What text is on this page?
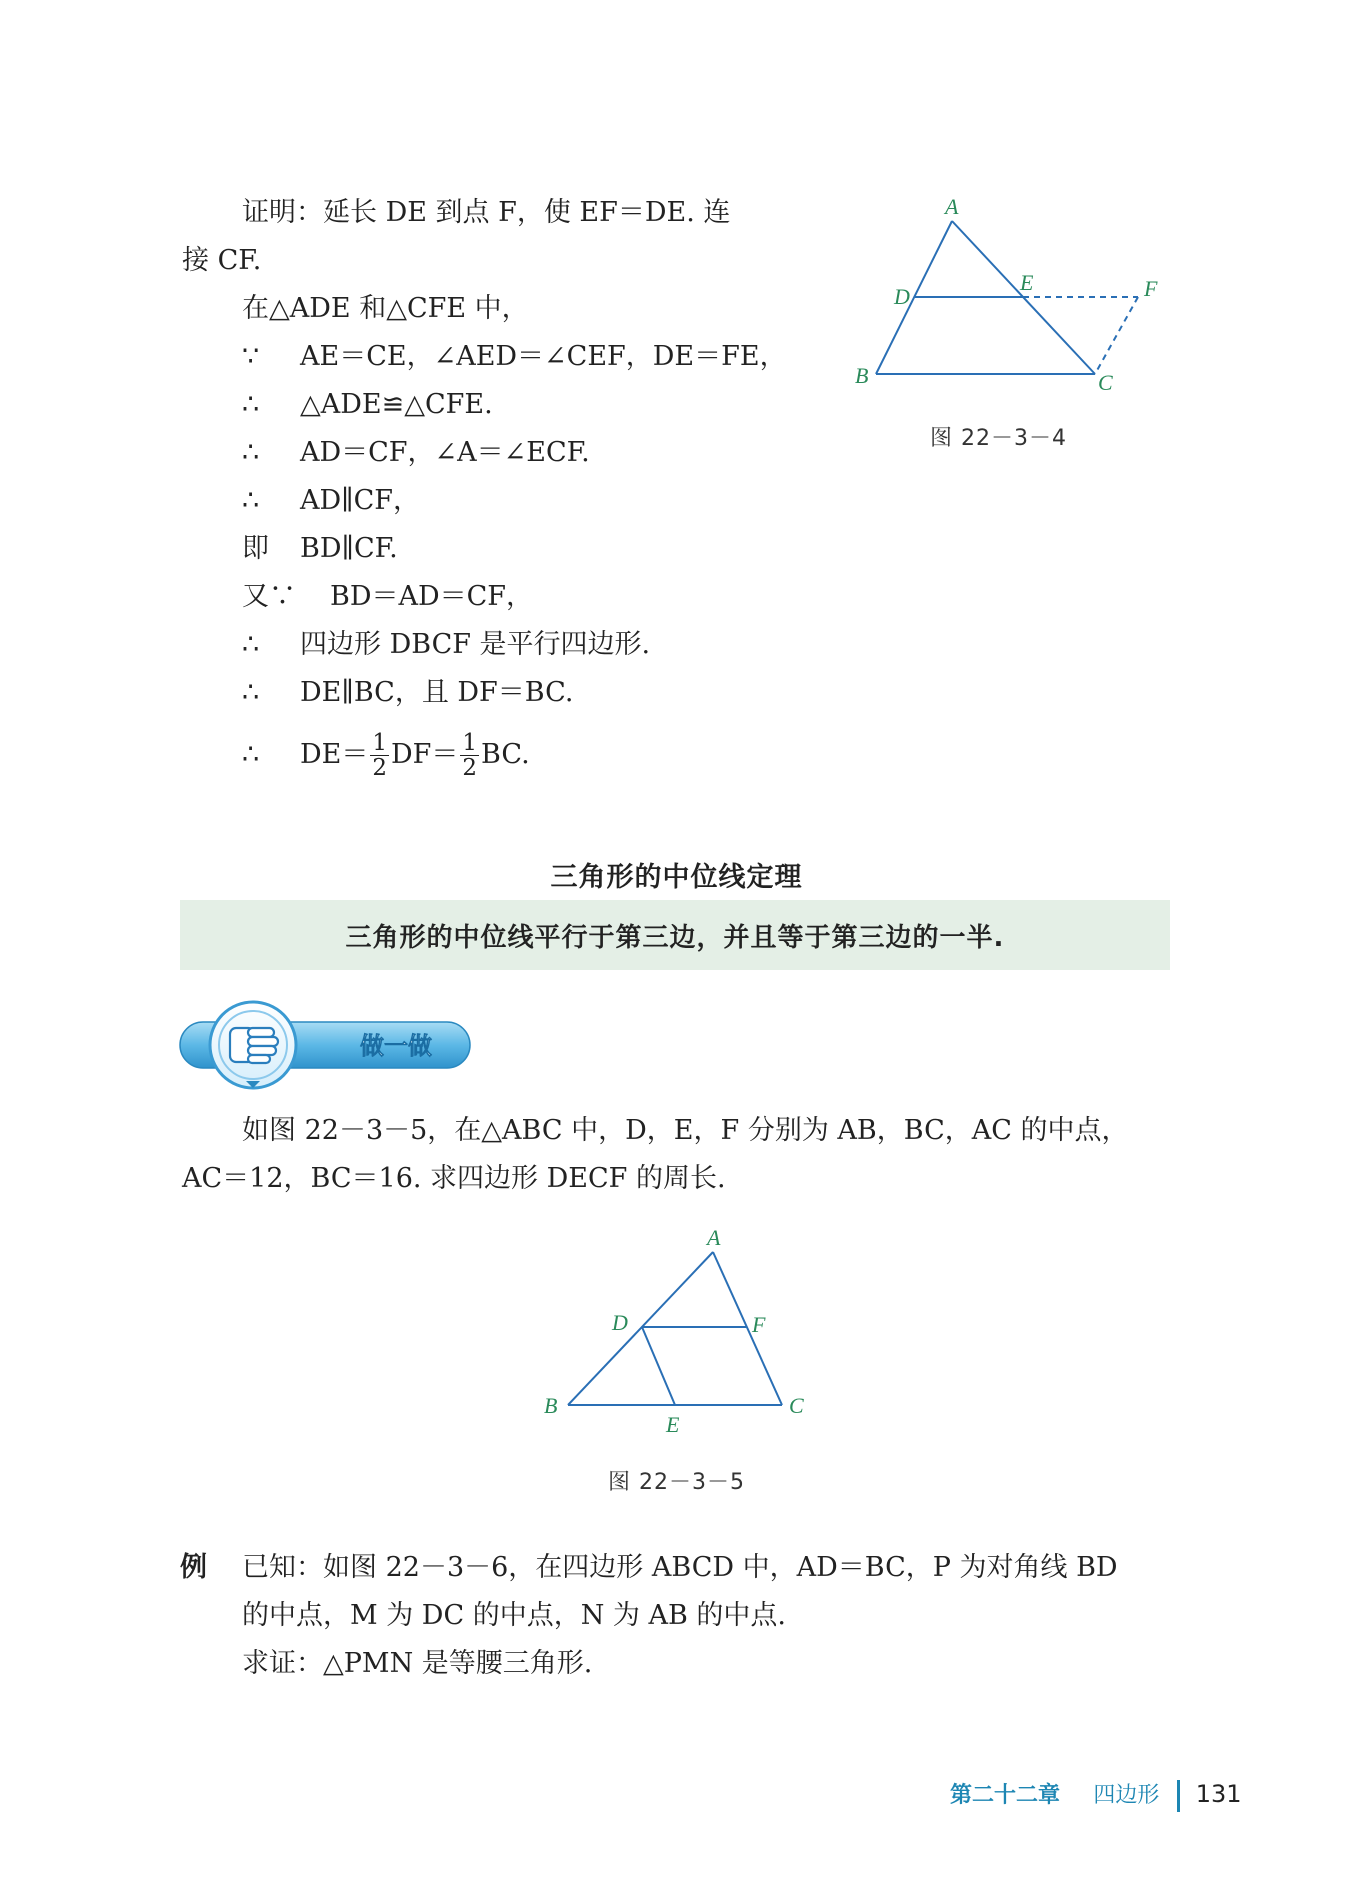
证明：延长 DE 到点 F，使 EF＝DE. 连
接 CF.
在△ADE 和△CFE 中，
∵ AE＝CE，∠AED＝∠CEF，DE＝FE，
∴ △ADE≌△CFE.
∴ AD＝CF，∠A＝∠ECF.
∴ AD∥CF，
即 BD∥CF.
又∵ BD＝AD＝CF，
∴ 四边形 DBCF 是平行四边形.
∴ DE∥BC，且 DF＝BC.
∴ $DE= \frac{1}{2} DF= \frac{1}{2}$ BC.
A
D
E	F
B	C
图 22－3－4
三角形的中位线定理
三角形的中位线平行于第三边，并且等于第三边的一半.
做一做
如图 22－3－5，在△ABC 中，D，E，F 分别为 AB，BC，AC 的中点，
AC＝12，BC＝16. 求四边形 DECF 的周长.
A
D	F
B
E
C
图 22－3－5
例 已知：如图 22－3－6，在四边形 ABCD 中，AD＝BC，P 为对角线 BD
的中点，M 为 DC 的中点，N 为 AB 的中点.
求证：△PMN 是等腰三角形.
第二十二章 四边形 131
